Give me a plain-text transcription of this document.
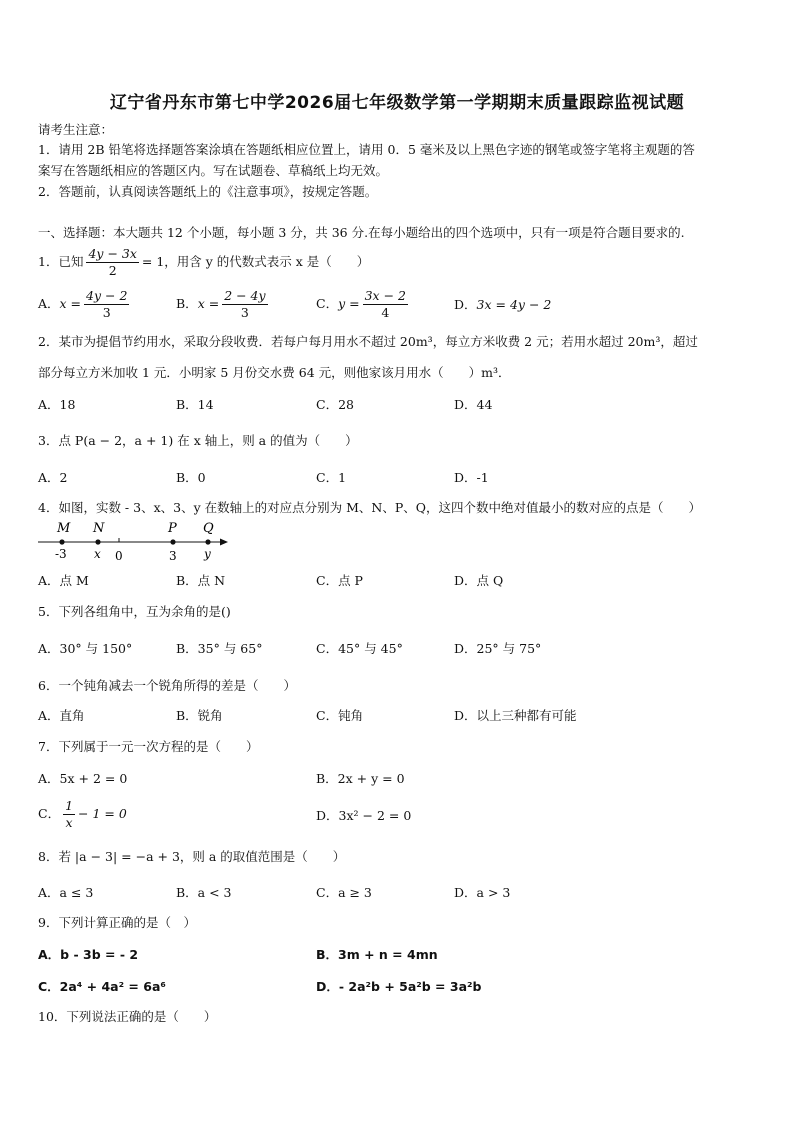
辽宁省丹东市第七中学2026届七年级数学第一学期期末质量跟踪监视试题
请考生注意：
1．请用 2B 铅笔将选择题答案涂填在答题纸相应位置上，请用 0．5 毫米及以上黑色字迹的钢笔或签字笔将主观题的答
案写在答题纸相应的答题区内。写在试题卷、草稿纸上均无效。
2．答题前，认真阅读答题纸上的《注意事项》，按规定答题。
一、选择题：本大题共 12 个小题，每小题 3 分，共 36 分.在每小题给出的四个选项中，只有一项是符合题目要求的.
1．已知 $\frac{4y - 3x}{2} = 1$，用含 y 的代数式表示 x 是（　　）
A．$x = \frac{4y - 2}{3}$	B．$x = \frac{2 - 4y}{3}$	C．$y = \frac{3x - 2}{4}$	D．3x = 4y − 2
2．某市为提倡节约用水，采取分段收费．若每户每月用水不超过 20m³，每立方米收费 2 元；若用水超过 20m³，超过
部分每立方米加收 1 元．小明家 5 月份交水费 64 元，则他家该月用水（　　）m³．
A．18	B．14	C．28	D．44
3．点 P(a − 2，a + 1) 在 x 轴上，则 a 的值为（　　）
A．2	B．0	C．1	D．-1
4．如图，实数 - 3、x、3、y 在数轴上的对应点分别为 M、N、P、Q，这四个数中绝对值最小的数对应的点是（　　）
M N	P Q
-3 x 0	3 y
A．点 M	B．点 N	C．点 P	D．点 Q
5．下列各组角中，互为余角的是()
A．30° 与 150°	B．35° 与 65°	C．45° 与 45°	D．25° 与 75°
6．一个钝角减去一个锐角所得的差是（　　）
A．直角	B．锐角	C．钝角	D．以上三种都有可能
7．下列属于一元一次方程的是（　　）
A．5x + 2 = 0	B．2x + y = 0
C． $\frac{1}{x} - 1 = 0$	D．3x² − 2 = 0
8．若 |a − 3| = −a + 3，则 a 的取值范围是（　　）
A．a ≤ 3	B．a < 3	C．a ≥ 3	D．a > 3
9．下列计算正确的是（　）
A．b - 3b = - 2	B．3m + n = 4mn
C．2a⁴ + 4a² = 6a⁶	D．- 2a²b + 5a²b = 3a²b
10．下列说法正确的是（　　）
